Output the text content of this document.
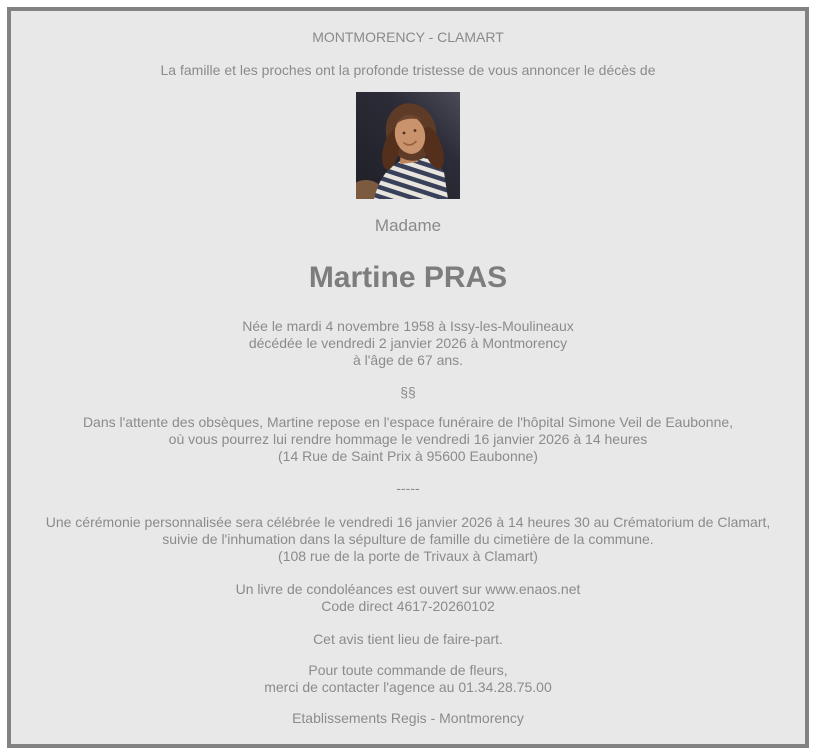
MONTMORENCY - CLAMART

La famille et les proches ont la profonde tristesse de vous annoncer le décès de

Madame

Martine PRAS

Née le mardi 4 novembre 1958 à Issy-les-Moulineaux
décédée le vendredi 2 janvier 2026 à Montmorency
à l'âge de 67 ans.

§§

Dans l'attente des obsèques, Martine repose en l'espace funéraire de l'hôpital Simone Veil de Eaubonne,
où vous pourrez lui rendre hommage le vendredi 16 janvier 2026 à 14 heures
(14 Rue de Saint Prix à 95600 Eaubonne)

-----

Une cérémonie personnalisée sera célébrée le vendredi 16 janvier 2026 à 14 heures 30 au Crématorium de Clamart,
suivie de l'inhumation dans la sépulture de famille du cimetière de la commune.
(108 rue de la porte de Trivaux à Clamart)

Un livre de condoléances est ouvert sur www.enaos.net
Code direct 4617-20260102

Cet avis tient lieu de faire-part.

Pour toute commande de fleurs,
merci de contacter l'agence au 01.34.28.75.00

Etablissements Regis - Montmorency
